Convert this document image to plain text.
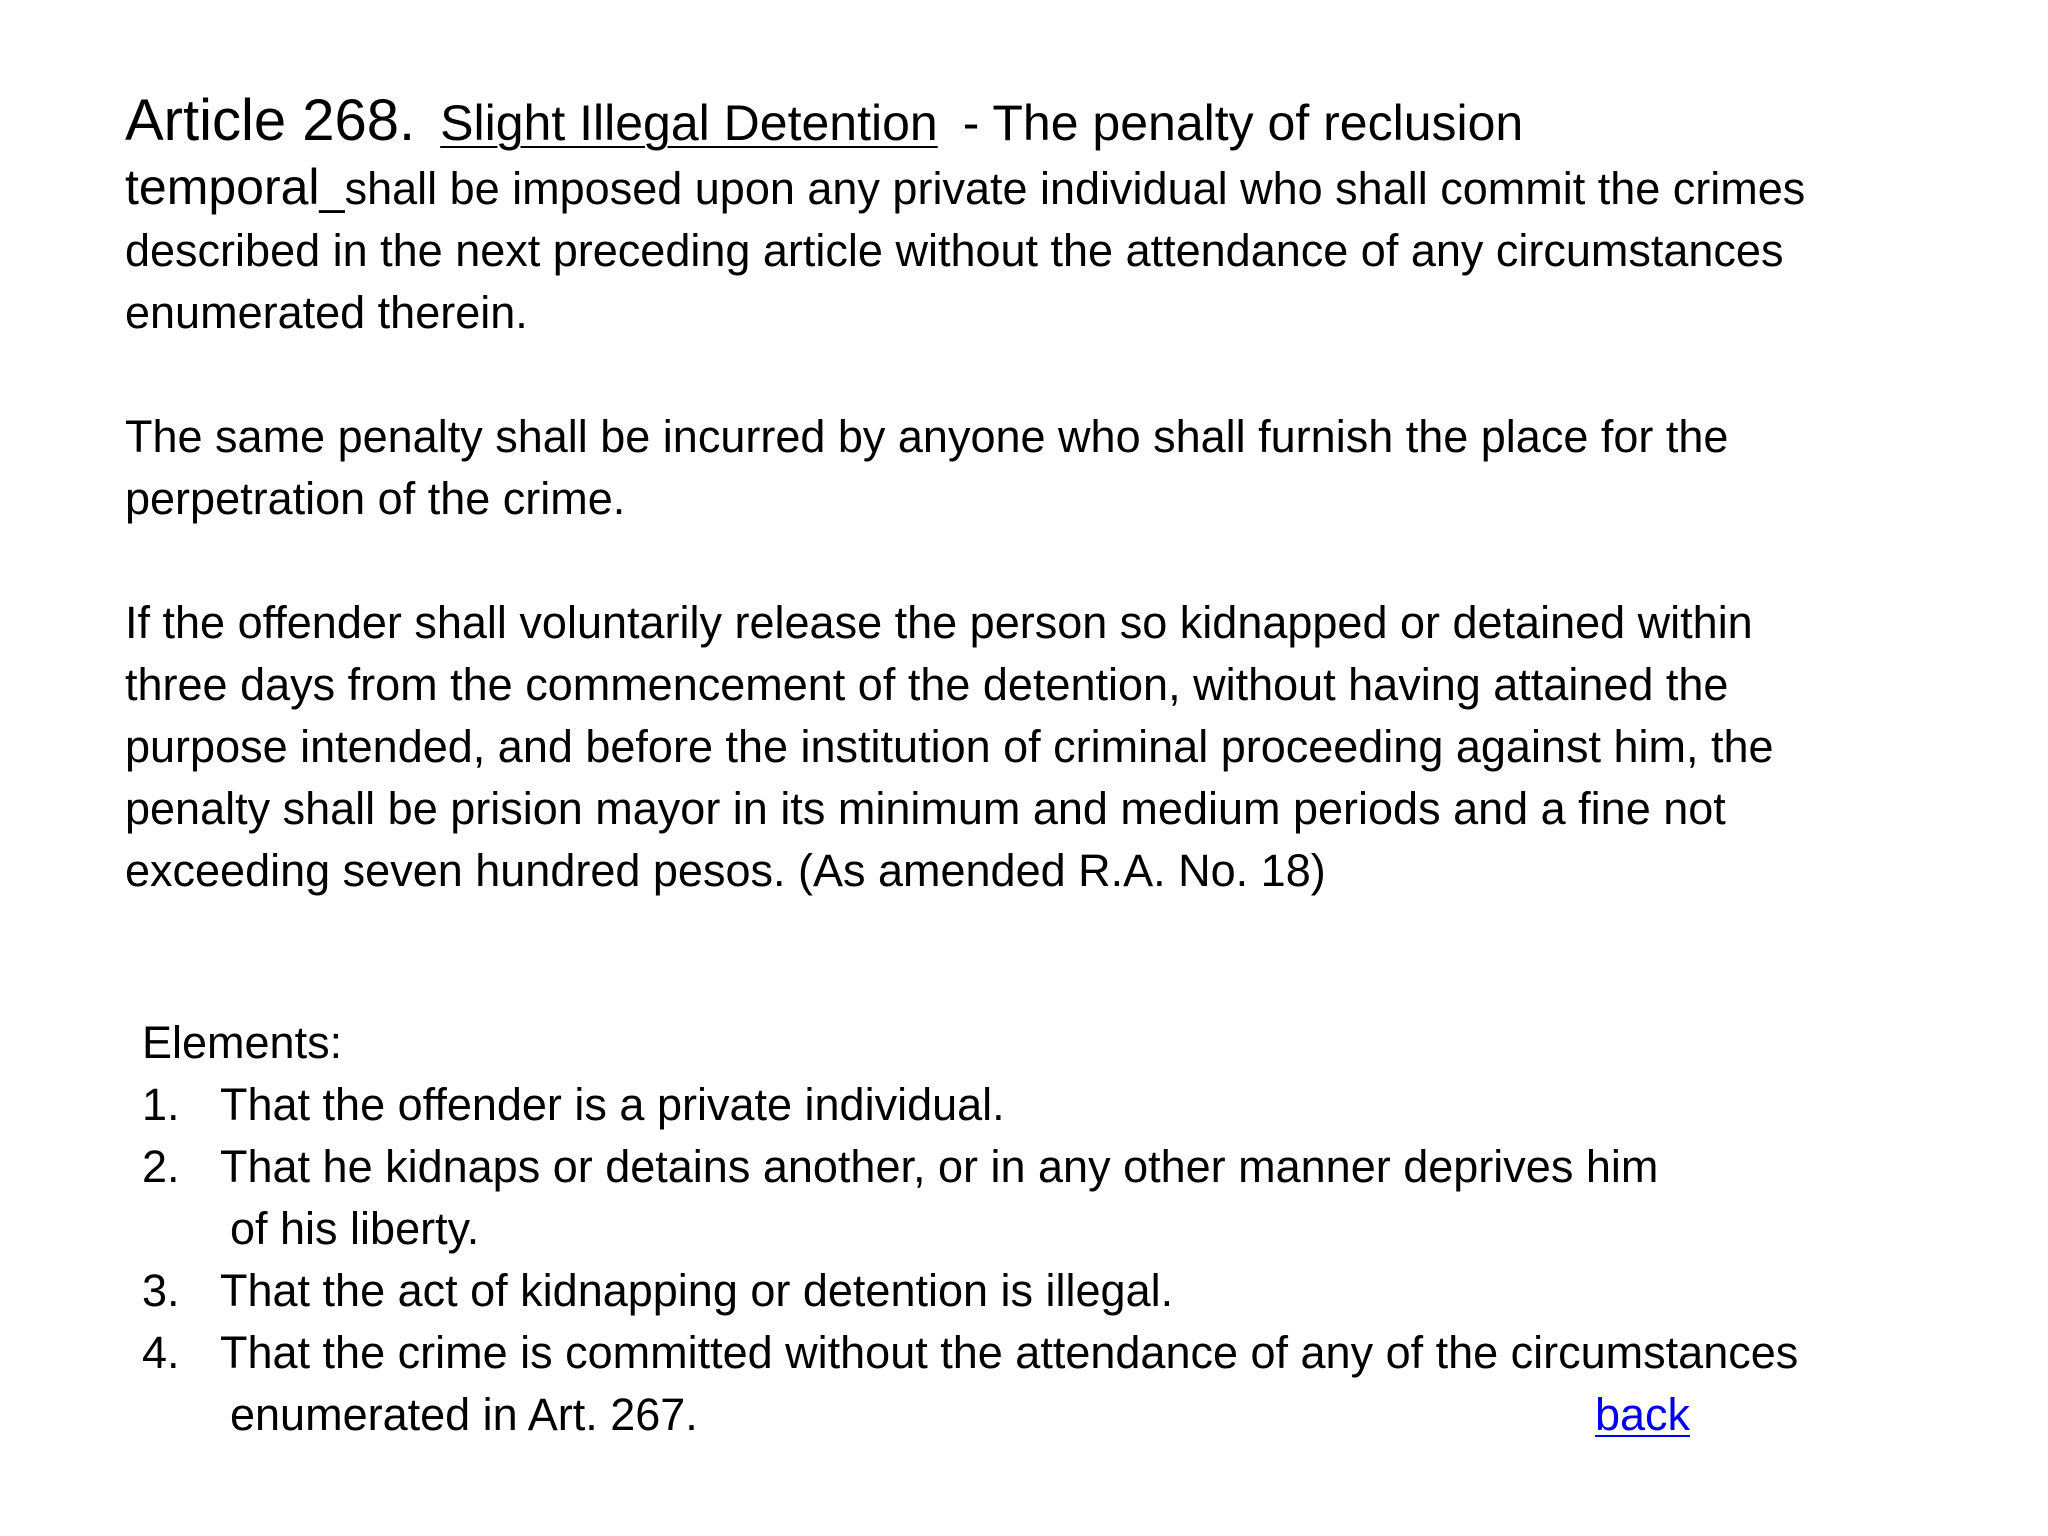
Article 268. Slight Illegal Detention - The penalty of reclusion
temporal_shall be imposed upon any private individual who shall commit the crimes described in the next preceding article without the attendance of any circumstances enumerated therein.

The same penalty shall be incurred by anyone who shall furnish the place for the perpetration of the crime.

If the offender shall voluntarily release the person so kidnapped or detained within three days from the commencement of the detention, without having attained the purpose intended, and before the institution of criminal proceeding against him, the penalty shall be prision mayor in its minimum and medium periods and a fine not exceeding seven hundred pesos. (As amended R.A. No. 18)

Elements:

1. That the offender is a private individual.
2. That he kidnaps or detains another, or in any other manner deprives him
of his liberty.
3. That the act of kidnapping or detention is illegal.
4. That the crime is committed without the attendance of any of the circumstances
enumerated in Art. 267.	back
